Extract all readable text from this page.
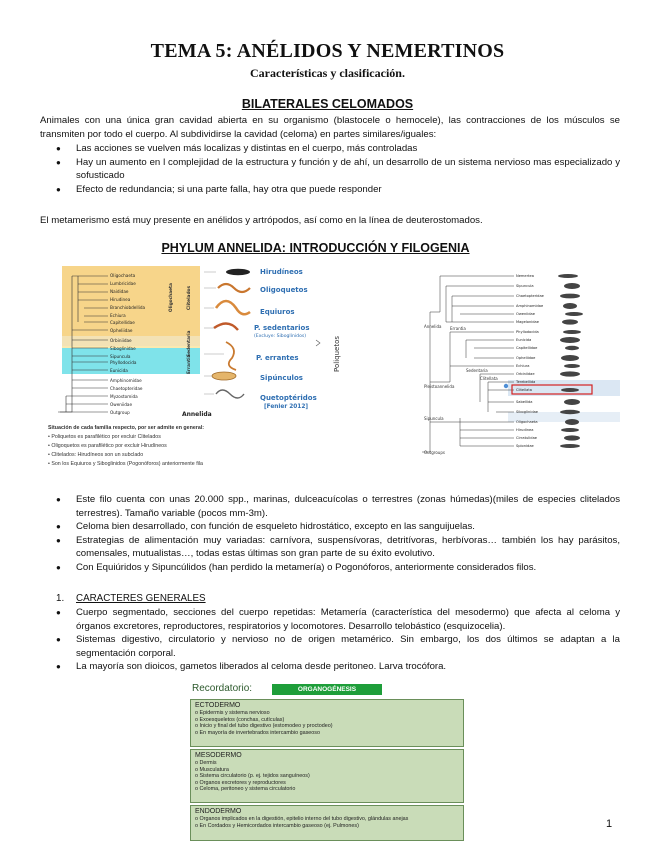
TEMA 5: ANÉLIDOS Y NEMERTINOS
Características y clasificación.
BILATERALES CELOMADOS

Animales con una única gran cavidad abierta en su organismo (blastocele o hemocele), las contracciones de los músculos se transmiten por todo el cuerpo. Al subdividirse la cavidad (celoma) en partes similares/iguales:

● Las acciones se vuelven más localizas y distintas en el cuerpo, más controladas
● Hay un aumento en l complejidad de la estructura y función y de ahí, un desarrollo de un sistema nervioso mas especializado y sofusticado
● Efecto de redundancia; si una parte falla, hay otra que puede responder

El metamerismo está muy presente en anélidos y artrópodos, así como en la línea de deuterostomados.

PHYLUM ANNELIDA: INTRODUCCIÓN Y FILOGENIA
Oligochaeta
Lumbricidae
Naididae
Hirudinea
Branchiobdellida
Echiura
Capitellidae
Opheliidae
Orbiniidae
Siboglinidae
Sipuncula
Phyllodocida
Eunicida
Amphinomidae
Chaetopteridae
Myzostomida
Oweniidae
Outgroup
Clitelados
Oligochaeta
Sedentaria
Errantia
Annelida
Hirudíneos
Oligoquetos
Equiuros
P. sedentarios
P. errantes
Sipúnculos
Quetoptéridos
(Excluye: Siboglínidos)
[Fenier 2012]
Poliquetos
Situación de cada familia respecto, por ser admite en general:
• Poliquetos es parafilético por excluir Clitelados
• Oligoquetos es parafilético por excluir Hirudíneos
• Clitelados: Hirudíneos son un subclado
• Son los Equiuros y Siboglinidos (Pogonóforos) anteriormente fila
Nemertea
Sipuncula
Chaetopteridae
Amphinomidae
Oweniidae
Magelonidae
Phyllodocida
Eunicida
Capitellidae
Opheliidae
Echiura
Orbiniidae
Terebellida
Clitellata
Sabellida
Siboglinidae
Oligochaeta
Hirudinea
Cirratulidae
Spionidae
Annelida Errantia
Sedentaria
Clitellata
Pleistoannelida
Sipuncula
Outgroups
● Este filo cuenta con unas 20.000 spp., marinas, dulceacuícolas o terrestres (zonas húmedas)(miles de especies clitelados terrestres). Tamaño variable (pocos mm-3m).
● Celoma bien desarrollado, con función de esqueleto hidrostático, excepto en las sanguijuelas.
● Estrategias de alimentación muy variadas: carnívora, suspensívoras, detritívoras, herbívoras… también los hay parásitos, comensales, mutualistas…, todas estas últimas son gran parte de su éxito evolutivo.
● Con Equiúridos y Sipuncúlidos (han perdido la metamería) o Pogonóforos, anteriormente considerados filos.
1. CARACTERES GENERALES
● Cuerpo segmentado, secciones del cuerpo repetidas: Metamería (característica del mesodermo) que afecta al celoma y órganos excretores, reproductores, respiratorios y locomotores. Desarrollo telobástico (esquizocelia).
● Sistemas digestivo, circulatorio y nervioso no de origen metamérico. Sin embargo, los dos últimos se adaptan a la segmentación corporal.
● La mayoría son dioicos, gametos liberados al celoma desde peritoneo. Larva trocófora.
Recordatorio:	ORGANOGÉNESIS
ECTODERMO
o Epidermis y sistema nervioso
o Exoesqueletos (conchas, cutículas)
o Inicio y final del tubo digestivo (estomodeo y proctodeo)
o En mayoría de invertebrados intercambio gaseoso
MESODERMO
o Dermis
o Musculatura
o Sistema circulatorio (p. ej. tejidos sanguíneos)
o Órganos excretores y reproductores
o Celoma, peritoneo y sistema circulatorio
ENDODERMO
o Órganos implicados en la digestión, epitelio interno del tubo digestivo, glándulas anejas
o En Cordados y Hemicordados intercambio gaseoso (ej. Pulmones)	1
